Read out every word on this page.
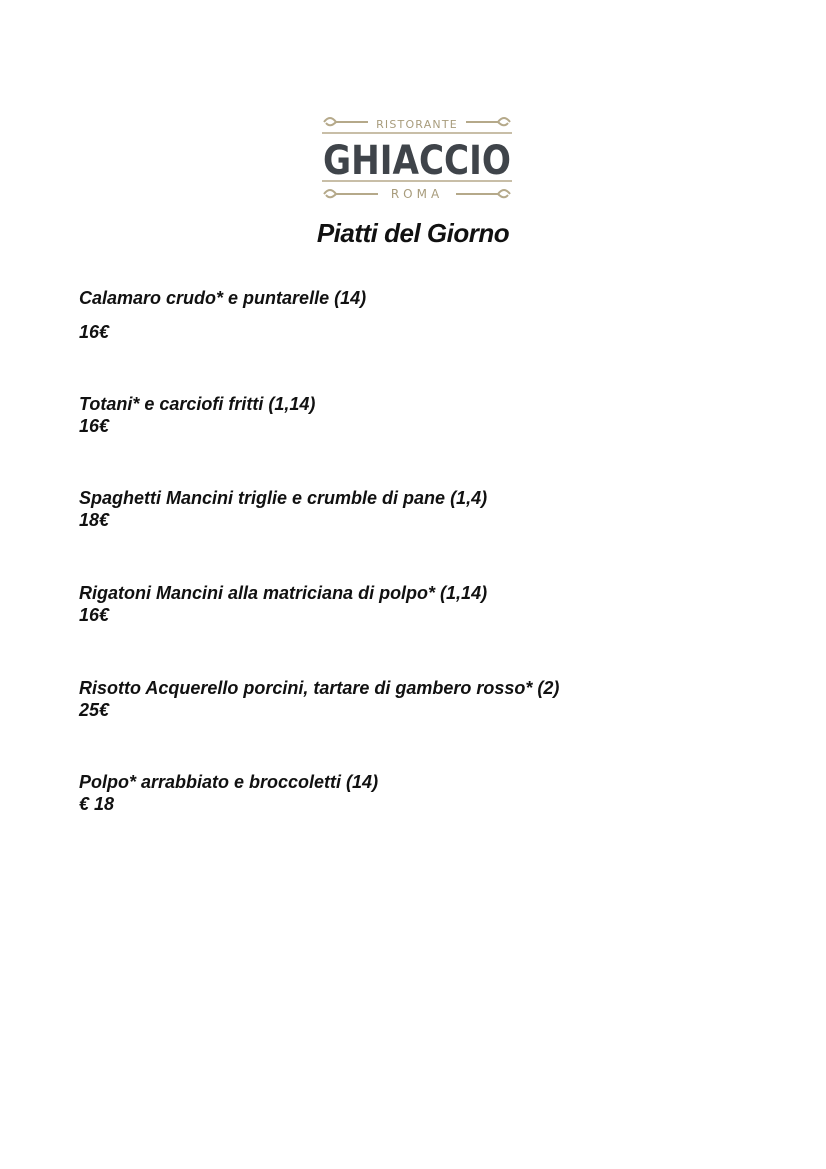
RISTORANTE
GHIACCIO
ROMA
Piatti del Giorno
Calamaro crudo* e puntarelle (14)
16€
Totani* e carciofi fritti (1,14)
16€
Spaghetti Mancini triglie e crumble di pane (1,4)
18€
Rigatoni Mancini alla matriciana di polpo* (1,14)
16€
Risotto Acquerello porcini, tartare di gambero rosso* (2)
25€
Polpo* arrabbiato e broccoletti (14)
€ 18
